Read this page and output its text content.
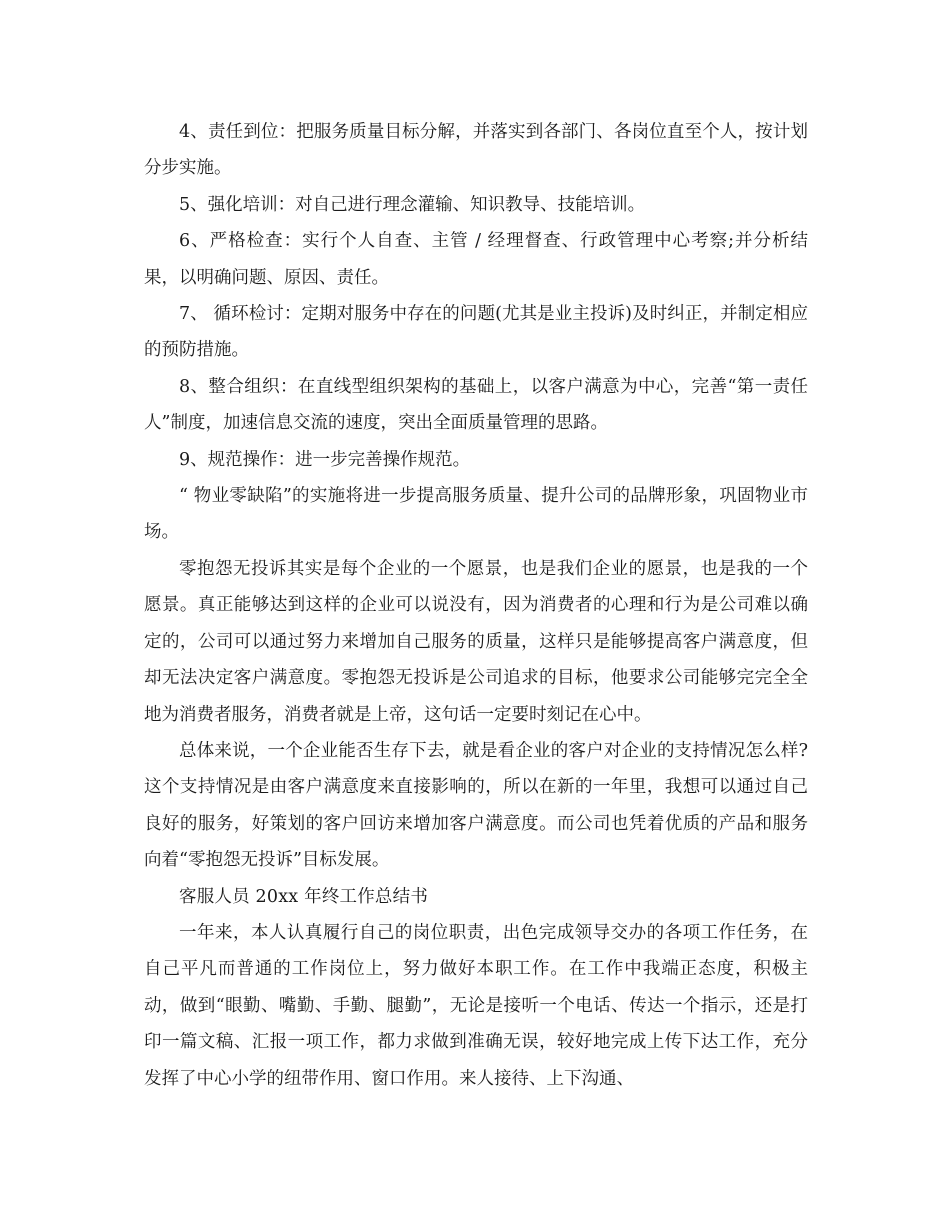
4、责任到位：把服务质量目标分解，并落实到各部门、各岗位直至个人，按计划分步实施。

5、强化培训：对自己进行理念灌输、知识教导、技能培训。

6、严格检查：实行个人自查、主管 / 经理督查、行政管理中心考察;并分析结果，以明确问题、原因、责任。

7、 循环检讨：定期对服务中存在的问题(尤其是业主投诉)及时纠正，并制定相应的预防措施。

8、整合组织：在直线型组织架构的基础上，以客户满意为中心，完善“第一责任人”制度，加速信息交流的速度，突出全面质量管理的思路。

9、规范操作：进一步完善操作规范。

“ 物业零缺陷”的实施将进一步提高服务质量、提升公司的品牌形象，巩固物业市场。

零抱怨无投诉其实是每个企业的一个愿景，也是我们企业的愿景，也是我的一个愿景。真正能够达到这样的企业可以说没有，因为消费者的心理和行为是公司难以确定的，公司可以通过努力来增加自己服务的质量，这样只是能够提高客户满意度，但却无法决定客户满意度。零抱怨无投诉是公司追求的目标，他要求公司能够完完全全地为消费者服务，消费者就是上帝，这句话一定要时刻记在心中。

总体来说，一个企业能否生存下去，就是看企业的客户对企业的支持情况怎么样?这个支持情况是由客户满意度来直接影响的，所以在新的一年里，我想可以通过自己良好的服务，好策划的客户回访来增加客户满意度。而公司也凭着优质的产品和服务向着“零抱怨无投诉”目标发展。

客服人员 20xx 年终工作总结书

一年来，本人认真履行自己的岗位职责，出色完成领导交办的各项工作任务，在自己平凡而普通的工作岗位上，努力做好本职工作。在工作中我端正态度，积极主动，做到“眼勤、嘴勤、手勤、腿勤”，无论是接听一个电话、传达一个指示，还是打印一篇文稿、汇报一项工作，都力求做到准确无误，较好地完成上传下达工作，充分发挥了中心小学的纽带作用、窗口作用。来人接待、上下沟通、
